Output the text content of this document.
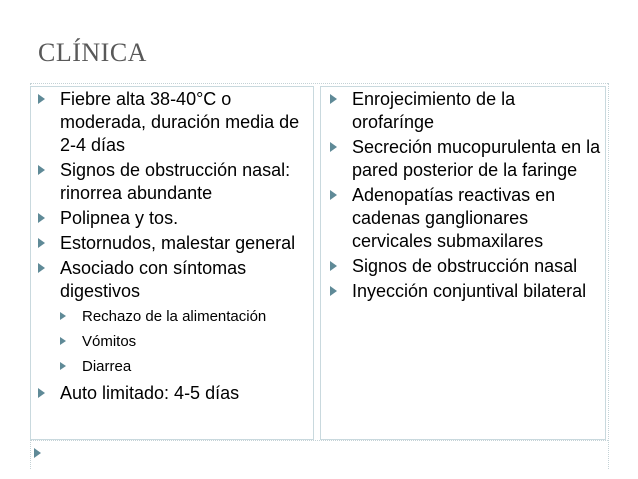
CLÍNICA
Fiebre alta 38-40°C o moderada, duración media de 2-4 días
Signos de obstrucción nasal: rinorrea abundante
Polipnea y tos.
Estornudos, malestar general
Asociado con síntomas digestivos
Rechazo de la alimentación
Vómitos
Diarrea
Auto limitado: 4-5 días
Enrojecimiento de la orofarínge
Secreción mucopurulenta en la pared posterior de la faringe
Adenopatías reactivas en cadenas ganglionares cervicales submaxilares
Signos de obstrucción nasal
Inyección conjuntival bilateral
